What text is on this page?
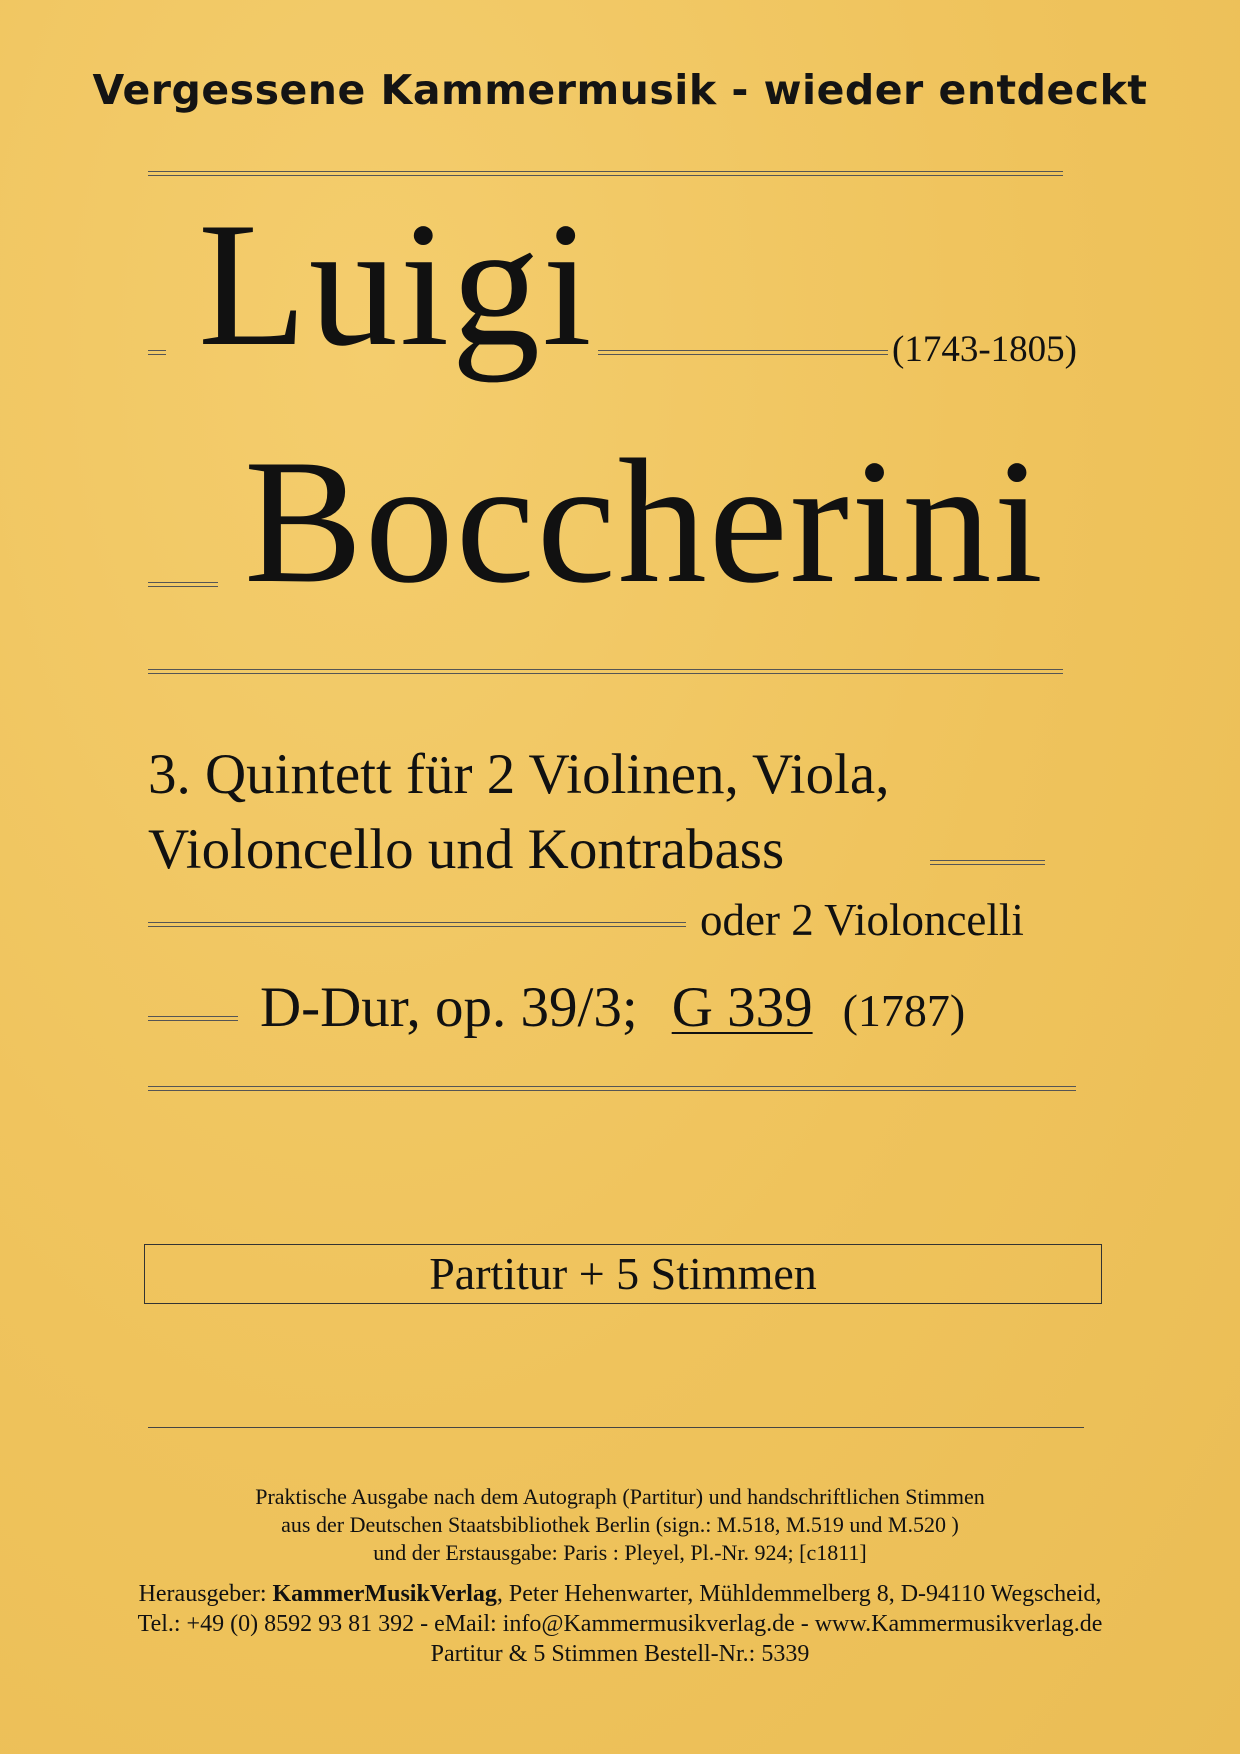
Vergessene Kammermusik - wieder entdeckt
Luigi	(1743-1805)
Boccherini
3. Quintett für 2 Violinen, Viola,
Violoncello und Kontrabass
oder 2 Violoncelli
D-Dur, op. 39/3; G 339 (1787)
Partitur + 5 Stimmen
Praktische Ausgabe nach dem Autograph (Partitur) und handschriftlichen Stimmen
aus der Deutschen Staatsbibliothek Berlin (sign.: M.518, M.519 und M.520 )
und der Erstausgabe: Paris : Pleyel, Pl.-Nr. 924; [c1811]
Herausgeber: KammerMusikVerlag, Peter Hehenwarter, Mühldemmelberg 8, D-94110 Wegscheid,
Tel.: +49 (0) 8592 93 81 392 - eMail: info@Kammermusikverlag.de - www.Kammermusikverlag.de
Partitur & 5 Stimmen Bestell-Nr.: 5339
